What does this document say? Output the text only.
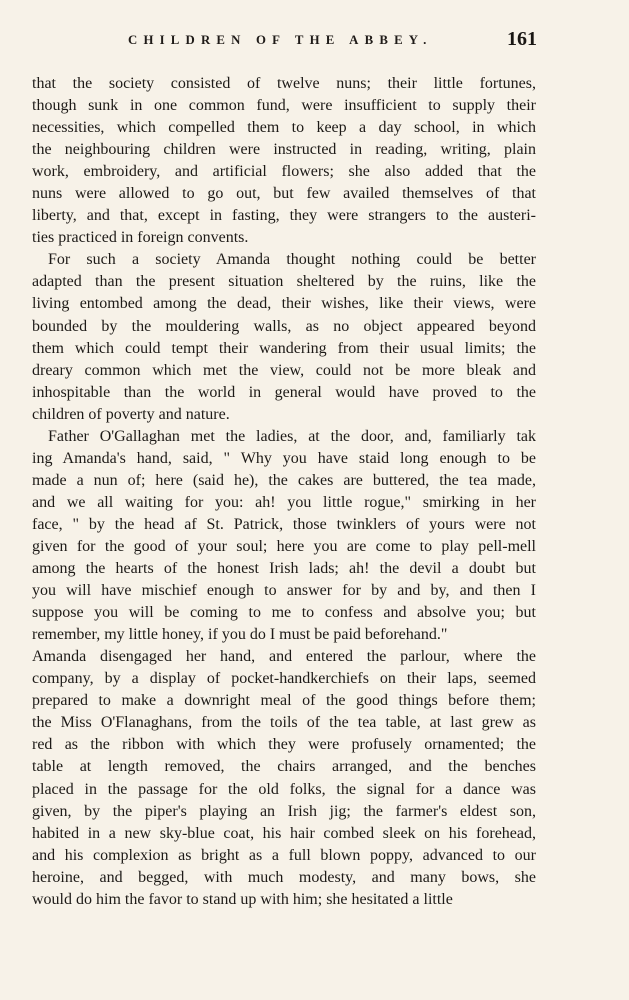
CHILDREN OF THE ABBEY.	161
that the society consisted of twelve nuns; their little fortunes,
though sunk in one common fund, were insufficient to supply their
necessities, which compelled them to keep a day school, in which
the neighbouring children were instructed in reading, writing, plain
work, embroidery, and artificial flowers; she also added that the
nuns were allowed to go out, but few availed themselves of that
liberty, and that, except in fasting, they were strangers to the austeri-
ties practiced in foreign convents.
For such a society Amanda thought nothing could be better
adapted than the present situation sheltered by the ruins, like the
living entombed among the dead, their wishes, like their views, were
bounded by the mouldering walls, as no object appeared beyond
them which could tempt their wandering from their usual limits; the
dreary common which met the view, could not be more bleak and
inhospitable than the world in general would have proved to the
children of poverty and nature.
Father O'Gallaghan met the ladies, at the door, and, familiarly tak
ing Amanda's hand, said, " Why you have staid long enough to be
made a nun of; here (said he), the cakes are buttered, the tea made,
and we all waiting for you: ah! you little rogue," smirking in her
face, " by the head af St. Patrick, those twinklers of yours were not
given for the good of your soul; here you are come to play pell-mell
among the hearts of the honest Irish lads; ah! the devil a doubt but
you will have mischief enough to answer for by and by, and then I
suppose you will be coming to me to confess and absolve you; but
remember, my little honey, if you do I must be paid beforehand."
Amanda disengaged her hand, and entered the parlour, where the
company, by a display of pocket-handkerchiefs on their laps, seemed
prepared to make a downright meal of the good things before them;
the Miss O'Flanaghans, from the toils of the tea table, at last grew as
red as the ribbon with which they were profusely ornamented; the
table at length removed, the chairs arranged, and the benches
placed in the passage for the old folks, the signal for a dance was
given, by the piper's playing an Irish jig; the farmer's eldest son,
habited in a new sky-blue coat, his hair combed sleek on his forehead,
and his complexion as bright as a full blown poppy, advanced to our
heroine, and begged, with much modesty, and many bows, she
would do him the favor to stand up with him; she hesitated a little
